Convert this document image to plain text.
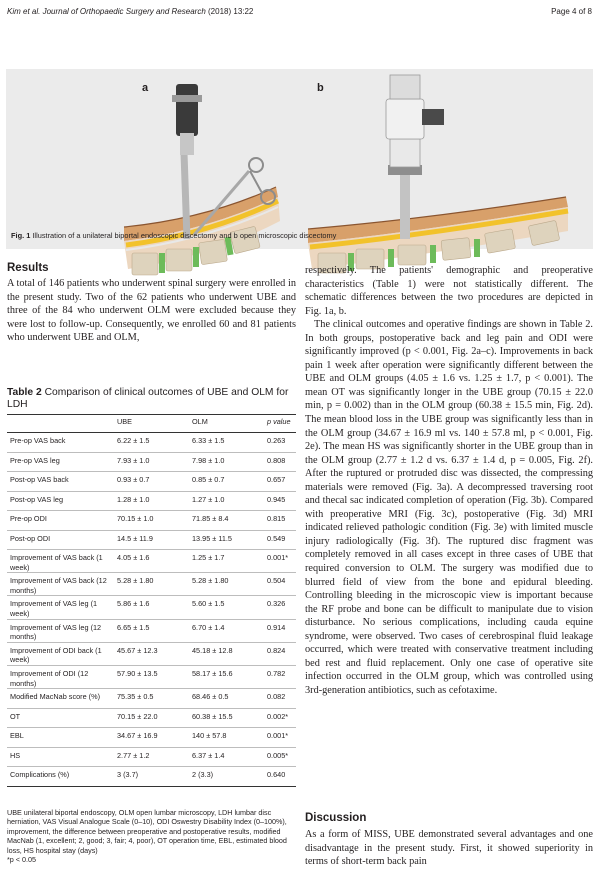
Kim et al. Journal of Orthopaedic Surgery and Research (2018) 13:22	Page 4 of 8
a	b
Fig. 1 Illustration of a unilateral biportal endoscopic discectomy and b open microscopic discectomy
Results

A total of 146 patients who underwent spinal surgery were enrolled in the present study. Two of the 62 patients who underwent UBE and three of the 84 who underwent OLM were excluded because they were lost to follow-up. Consequently, we enrolled 60 and 81 patients who underwent UBE and OLM,

Table 2 Comparison of clinical outcomes of UBE and OLM for LDH
	UBE	OLM	p value
Pre-op VAS back	6.22 ± 1.5	6.33 ± 1.5	0.263
Pre-op VAS leg	7.93 ± 1.0	7.98 ± 1.0	0.808
Post-op VAS back	0.93 ± 0.7	0.85 ± 0.7	0.657
Post-op VAS leg	1.28 ± 1.0	1.27 ± 1.0	0.945
Pre-op ODI	70.15 ± 1.0	71.85 ± 8.4	0.815
Post-op ODI	14.5 ± 11.9	13.95 ± 11.5	0.549
Improvement of VAS back (1 week)	4.05 ± 1.6	1.25 ± 1.7	0.001*
Improvement of VAS back (12 months)	5.28 ± 1.80	5.28 ± 1.80	0.504
Improvement of VAS leg (1 week)	5.86 ± 1.6	5.60 ± 1.5	0.326
Improvement of VAS leg (12 months)	6.65 ± 1.5	6.70 ± 1.4	0.914
Improvement of ODI back (1 week)	45.67 ± 12.3	45.18 ± 12.8	0.824
Improvement of ODI (12 months)	57.90 ± 13.5	58.17 ± 15.6	0.782
Modified MacNab score (%)	75.35 ± 0.5	68.46 ± 0.5	0.082
OT	70.15 ± 22.0	60.38 ± 15.5	0.002*
EBL	34.67 ± 16.9	140 ± 57.8	0.001*
HS	2.77 ± 1.2	6.37 ± 1.4	0.005*
Complications (%)	3 (3.7)	2 (3.3)	0.640
UBE unilateral biportal endoscopy, OLM open lumbar microscopy, LDH lumbar disc herniation, VAS Visual Analogue Scale (0–10), ODI Oswestry Disability Index (0–100%), improvement, the difference between preoperative and postoperative results, modified MacNab (1, excellent; 2, good; 3, fair; 4, poor), OT operation time, EBL, estimated blood loss, HS hospital stay (days)
*p < 0.05

respectively. The patients' demographic and preoperative characteristics (Table 1) were not statistically different. The schematic differences between the two procedures are depicted in Fig. 1a, b.

The clinical outcomes and operative findings are shown in Table 2. In both groups, postoperative back and leg pain and ODI were significantly improved (p < 0.001, Fig. 2a–c). Improvements in back pain 1 week after operation were significantly different between the UBE and OLM groups (4.05 ± 1.6 vs. 1.25 ± 1.7, p < 0.001). The mean OT was significantly longer in the UBE group (70.15 ± 22.0 min, p = 0.002) than in the OLM group (60.38 ± 15.5 min, Fig. 2d). The mean blood loss in the UBE group was significantly less than in the OLM group (34.67 ± 16.9 ml vs. 140 ± 57.8 ml, p < 0.001, Fig. 2e). The mean HS was significantly shorter in the UBE group than in the OLM group (2.77 ± 1.2 d vs. 6.37 ± 1.4 d, p = 0.005, Fig. 2f). After the ruptured or protruded disc was dissected, the compressing materials were removed (Fig. 3a). A decompressed traversing root and thecal sac indicated completion of operation (Fig. 3b). Compared with preoperative MRI (Fig. 3c), postoperative (Fig. 3d) MRI indicated relieved pathologic condition (Fig. 3e) with limited muscle injury radiologically (Fig. 3f). The ruptured disc fragment was completely removed in all cases except in three cases of UBE that required conversion to OLM. The surgery was modified due to blurred field of view from the bone and epidural bleeding. Controlling bleeding in the microscopic view is important because the RF probe and bone can be difficult to manipulate due to vision disturbance. No serious complications, including cauda equine syndrome, were observed. Two cases of cerebrospinal fluid leakage occurred, which were treated with conservative treatment including bed rest and fluid replacement. Only one case of operative site infection occurred in the OLM group, which was controlled using 3rd-generation antibiotics, such as cefotaxime.

Discussion

As a form of MISS, UBE demonstrated several advantages and one disadvantage in the present study. First, it showed superiority in terms of short-term back pain
